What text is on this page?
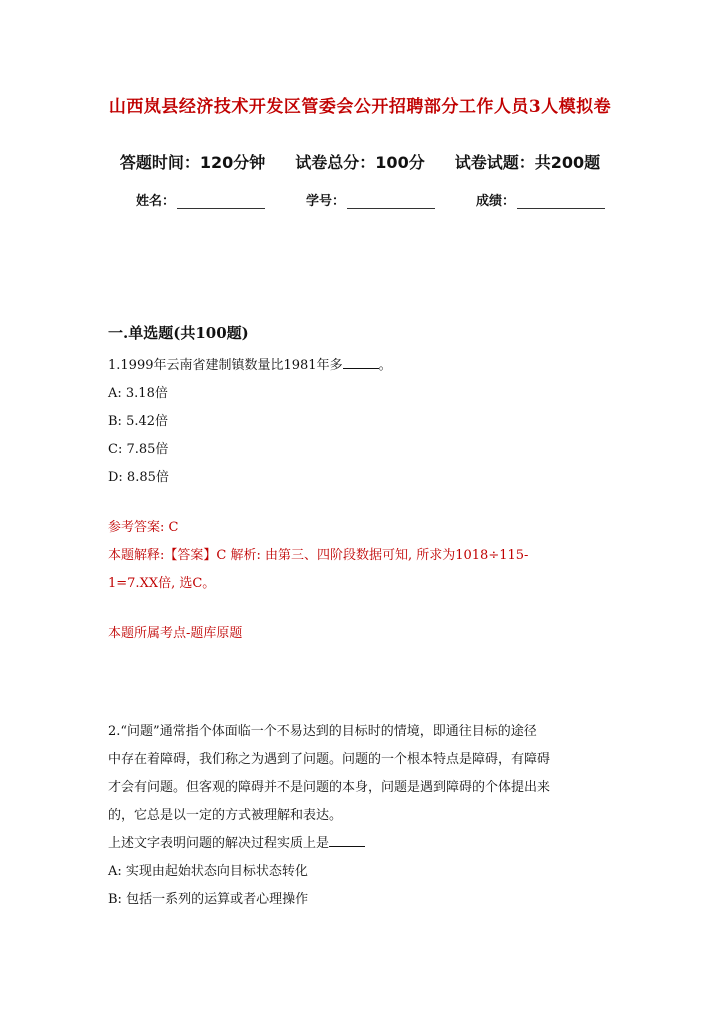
山西岚县经济技术开发区管委会公开招聘部分工作人员3人模拟卷
答题时间：120分钟 试卷总分：100分 试卷试题：共200题
姓名：	学号：	成绩：
一.单选题(共100题)
1.1999年云南省建制镇数量比1981年多	。
A: 3.18倍
B: 5.42倍
C: 7.85倍
D: 8.85倍
参考答案: C
本题解释:【答案】C 解析: 由第三、四阶段数据可知, 所求为1018÷115-
1=7.XX倍, 选C。
本题所属考点-题库原题
2.“问题”通常指个体面临一个不易达到的目标时的情境，即通往目标的途径
中存在着障碍，我们称之为遇到了问题。问题的一个根本特点是障碍，有障碍
才会有问题。但客观的障碍并不是问题的本身，问题是遇到障碍的个体提出来
的，它总是以一定的方式被理解和表达。
上述文字表明问题的解决过程实质上是
A: 实现由起始状态向目标状态转化
B: 包括一系列的运算或者心理操作
